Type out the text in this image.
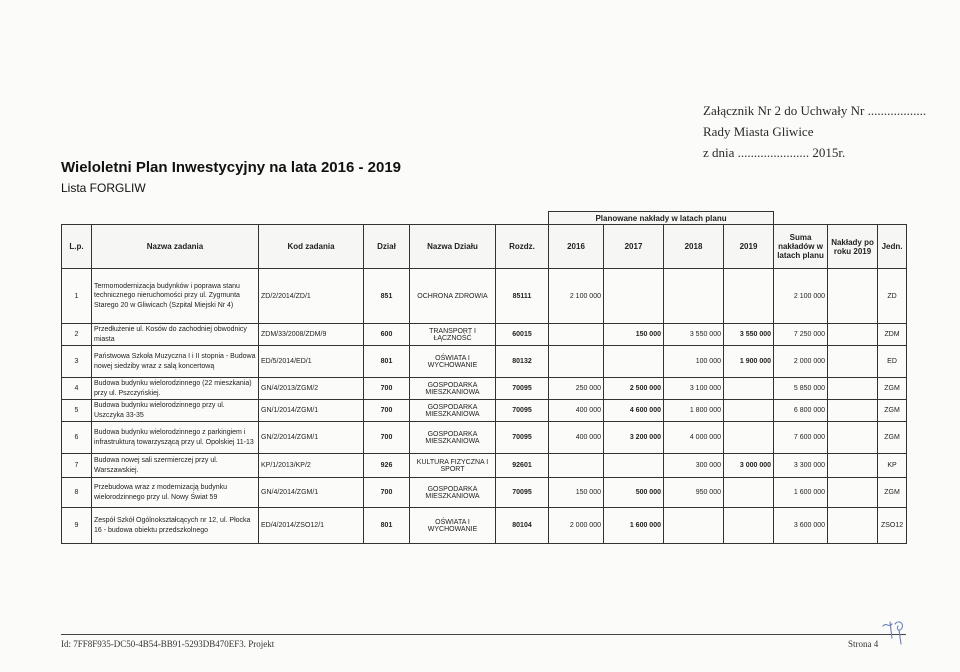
Załącznik Nr 2 do Uchwały Nr ..................
Rady Miasta Gliwice
z dnia ...................... 2015r.
Wieloletni Plan Inwestycyjny na lata 2016 - 2019
Lista FORGLIW
						Planowane nakłady w latach planu						
L.p.	Nazwa zadania	Kod zadania	Dział	Nazwa Działu	Rozdz.	2016	2017	2018	2019	Suma nakładów w latach planu	Nakłady po roku 2019	Jedn.
1	Termomodernizacja budynków i poprawa stanu technicznego nieruchomości przy ul. Zygmunta Starego 20 w Gliwicach (Szpital Miejski Nr 4)	ZD/2/2014/ZD/1	851	OCHRONA ZDROWIA	85111	2 100 000				2 100 000		ZD
2	Przedłużenie ul. Kosów do zachodniej obwodnicy miasta	ZDM/33/2008/ZDM/9	600	TRANSPORT I ŁĄCZNOŚĆ	60015		150 000	3 550 000	3 550 000	7 250 000		ZDM
3	Państwowa Szkoła Muzyczna I i II stopnia - Budowa nowej siedziby wraz z salą koncertową	ED/5/2014/ED/1	801	OŚWIATA I WYCHOWANIE	80132			100 000	1 900 000	2 000 000		ED
4	Budowa budynku wielorodzinnego (22 mieszkania) przy ul. Pszczyńskiej.	GN/4/2013/ZGM/2	700	GOSPODARKA MIESZKANIOWA	70095	250 000	2 500 000	3 100 000		5 850 000		ZGM
5	Budowa budynku wielorodzinnego przy ul. Uszczyka 33-35	GN/1/2014/ZGM/1	700	GOSPODARKA MIESZKANIOWA	70095	400 000	4 600 000	1 800 000		6 800 000		ZGM
6	Budowa budynku wielorodzinnego z parkingiem i infrastrukturą towarzyszącą przy ul. Opolskiej 11-13	GN/2/2014/ZGM/1	700	GOSPODARKA MIESZKANIOWA	70095	400 000	3 200 000	4 000 000		7 600 000		ZGM
7	Budowa nowej sali szermierczej przy ul. Warszawskiej.	KP/1/2013/KP/2	926	KULTURA FIZYCZNA I SPORT	92601			300 000	3 000 000	3 300 000		KP
8	Przebudowa wraz z modernizacją budynku wielorodzinnego przy ul. Nowy Świat 59	GN/4/2014/ZGM/1	700	GOSPODARKA MIESZKANIOWA	70095	150 000	500 000	950 000		1 600 000		ZGM
9	Zespół Szkół Ogólnokształcących nr 12, ul. Płocka 16 - budowa obiektu przedszkolnego	ED/4/2014/ZSO12/1	801	OŚWIATA I WYCHOWANIE	80104	2 000 000	1 600 000			3 600 000		ZSO12
Id: 7FF8F935-DC50-4B54-BB91-5293DB470EF3. Projekt	Strona 4
